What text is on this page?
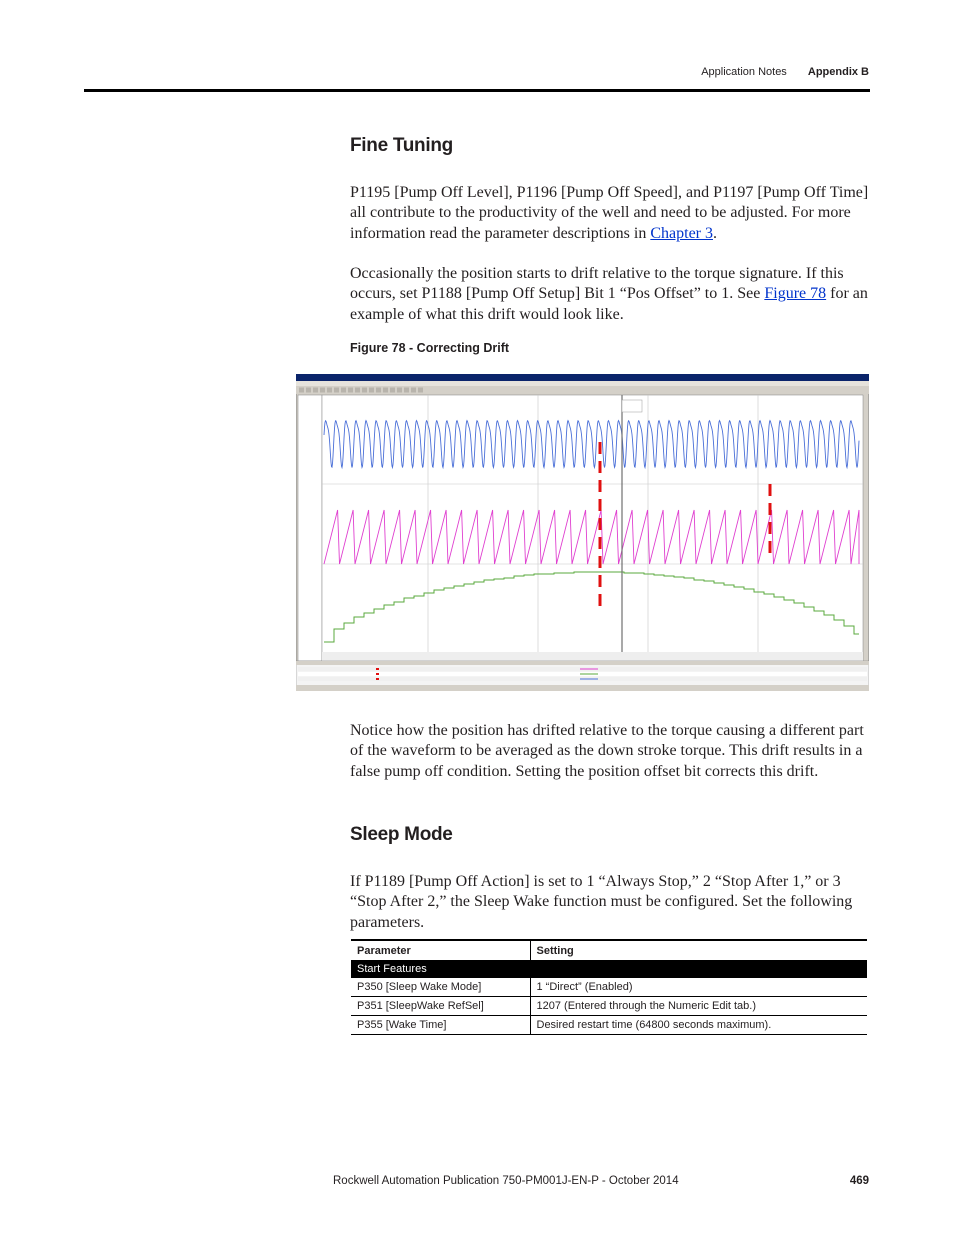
Application Notes Appendix B
Fine Tuning

P1195 [Pump Off Level], P1196 [Pump Off Speed], and P1197 [Pump Off Time] all contribute to the productivity of the well and need to be adjusted. For more information read the parameter descriptions in Chapter 3.

Occasionally the position starts to drift relative to the torque signature. If this occurs, set P1188 [Pump Off Setup] Bit 1 “Pos Offset” to 1. See Figure 78 for an example of what this drift would look like.

Figure 78 - Correcting Drift

Notice how the position has drifted relative to the torque causing a different part of the waveform to be averaged as the down stroke torque. This drift results in a false pump off condition. Setting the position offset bit corrects this drift.

Sleep Mode

If P1189 [Pump Off Action] is set to 1 “Always Stop,” 2 “Stop After 1,” or 3 “Stop After 2,” the Sleep Wake function must be configured. Set the following parameters.

Parameter	Setting
Start Features	
P350 [Sleep Wake Mode]	1 “Direct” (Enabled)
P351 [SleepWake RefSel]	1207 (Entered through the Numeric Edit tab.)
P355 [Wake Time]	Desired restart time (64800 seconds maximum).
Rockwell Automation Publication 750-PM001J-EN-P - October 2014	469
